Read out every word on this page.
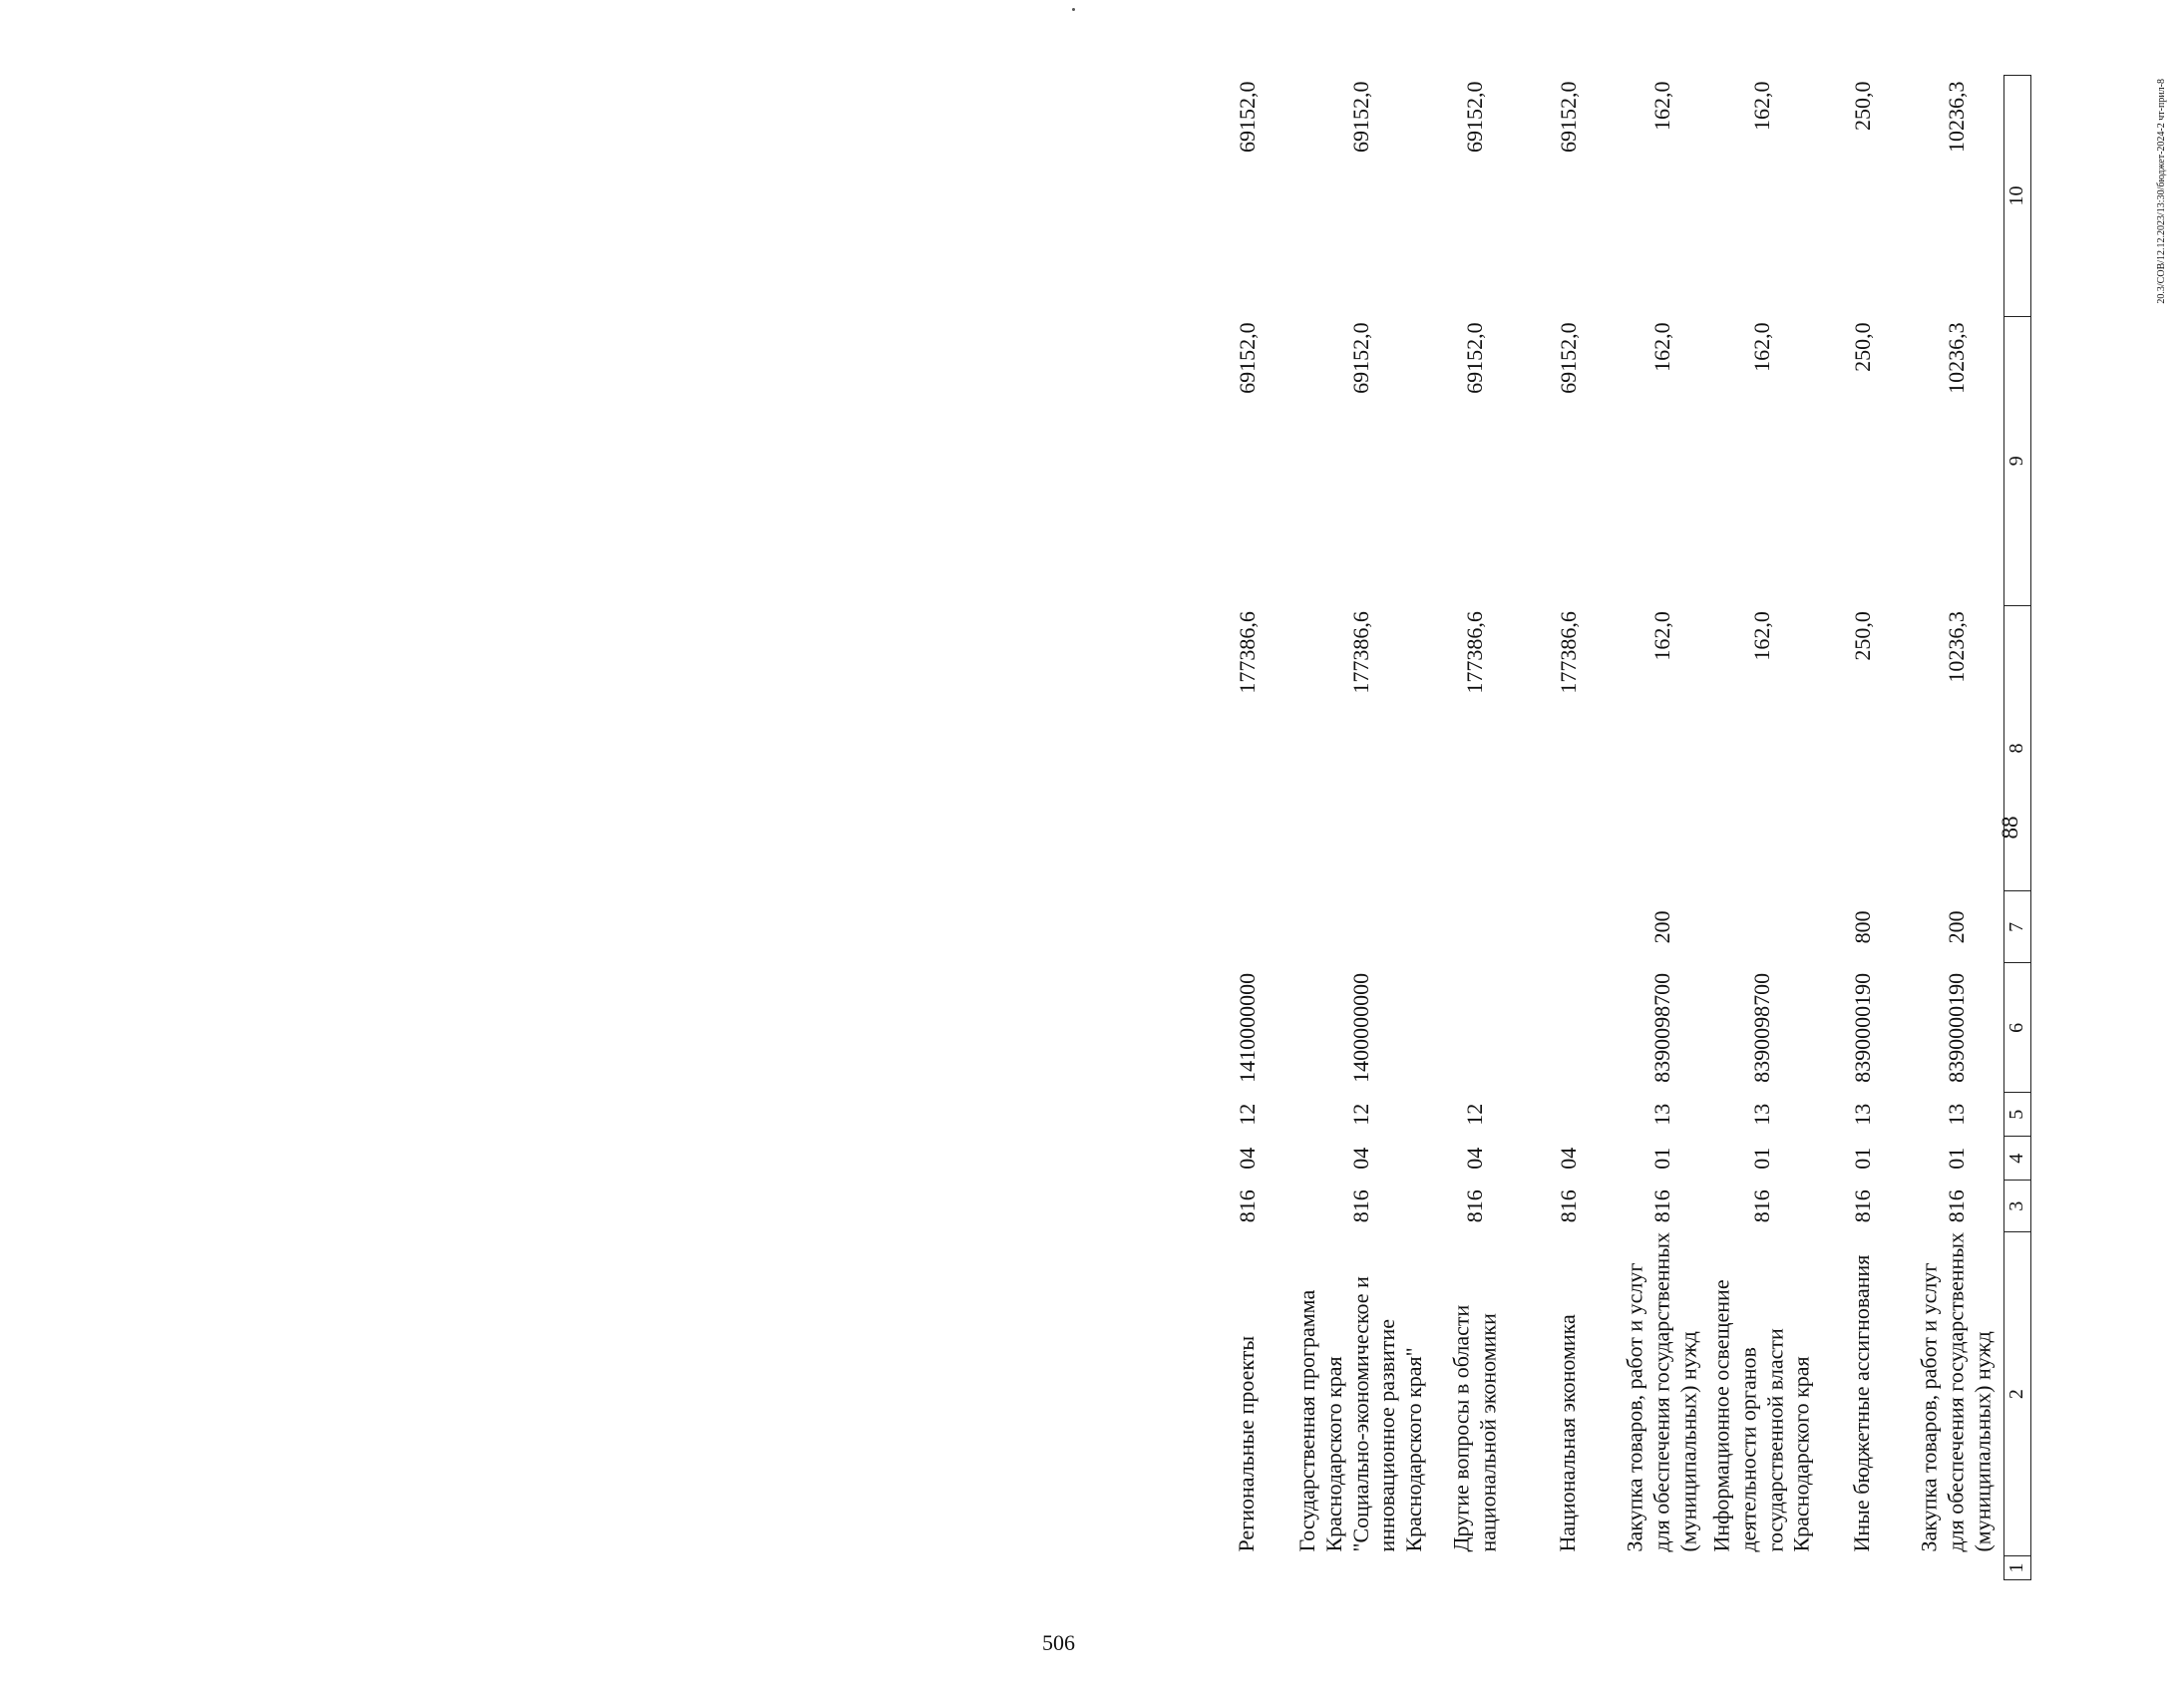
88
1	2	3	4	5	6	7	8	9	10

	Закупка товаров, работ и услуг для обеспечения государственных (муниципальных) нужд	816	01	13	8390000190	200	10236,3	10236,3	10236,3

	Иные бюджетные ассигнования	816	01	13	8390000190	800	250,0	250,0	250,0

	Информационное освещение деятельности органов государственной власти Краснодарского края	816	01	13	8390098700		162,0	162,0	162,0

	Закупка товаров, работ и услуг для обеспечения государственных (муниципальных) нужд	816	01	13	8390098700	200	162,0	162,0	162,0

	Национальная экономика	816	04				177386,6	69152,0	69152,0

	Другие вопросы в области национальной экономики	816	04	12			177386,6	69152,0	69152,0

	Государственная программа Краснодарского края "Социально-экономическое и инновационное развитие Краснодарского края"	816	04	12	1400000000		177386,6	69152,0	69152,0

	Региональные проекты	816	04	12	1410000000		177386,6	69152,0	69152,0	20.3/СОВ/12.12.2023/13:30/бюджет-2024-2 чт-прил-8
506
